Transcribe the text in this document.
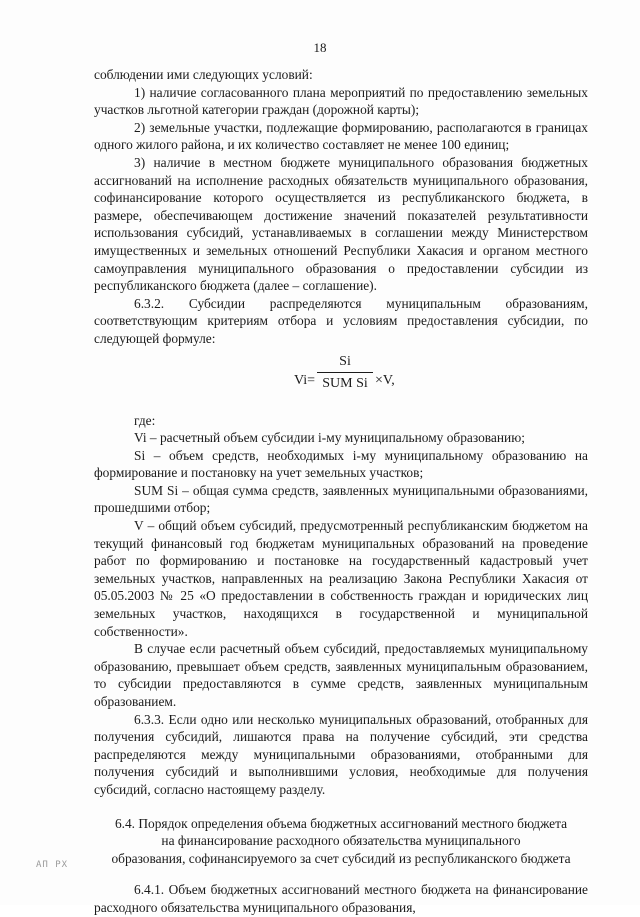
18

соблюдении ими следующих условий:

1) наличие согласованного плана мероприятий по предоставлению земельных участков льготной категории граждан (дорожной карты);

2) земельные участки, подлежащие формированию, располагаются в границах одного жилого района, и их количество составляет не менее 100 единиц;

3) наличие в местном бюджете муниципального образования бюджетных ассигнований на исполнение расходных обязательств муниципального образования, софинансирование которого осуществляется из республиканского бюджета, в размере, обеспечивающем достижение значений показателей результативности использования субсидий, устанавливаемых в соглашении между Министерством имущественных и земельных отношений Республики Хакасия и органом местного самоуправления муниципального образования о предоставлении субсидии из республиканского бюджета (далее – соглашение).

6.3.2. Субсидии распределяются муниципальным образованиям, соответствующим критериям отбора и условиям предоставления субсидии, по следующей формуле:

Vi=
Si
SUM Si ×V,

где:

Vi – расчетный объем субсидии i-му муниципальному образованию;

Si – объем средств, необходимых i-му муниципальному образованию на формирование и постановку на учет земельных участков;

SUM Si – общая сумма средств, заявленных муниципальными образованиями, прошедшими отбор;

V – общий объем субсидий, предусмотренный республиканским бюджетом на текущий финансовый год бюджетам муниципальных образований на проведение работ по формированию и постановке на государственный кадастровый учет земельных участков, направленных на реализацию Закона Республики Хакасия от 05.05.2003 № 25 «О предоставлении в собственность граждан и юридических лиц земельных участков, находящихся в государственной и муниципальной собственности».

В случае если расчетный объем субсидий, предоставляемых муниципальному образованию, превышает объем средств, заявленных муниципальным образованием, то субсидии предоставляются в сумме средств, заявленных муниципальным образованием.

6.3.3. Если одно или несколько муниципальных образований, отобранных для получения субсидий, лишаются права на получение субсидий, эти средства распределяются между муниципальными образованиями, отобранными для получения субсидий и выполнившими условия, необходимые для получения субсидий, согласно настоящему разделу.

6.4. Порядок определения объема бюджетных ассигнований местного бюджета
на финансирование расходного обязательства муниципального
образования, софинансируемого за счет субсидий из республиканского бюджета

6.4.1. Объем бюджетных ассигнований местного бюджета на финансирование расходного обязательства муниципального образования,

АП РХ
